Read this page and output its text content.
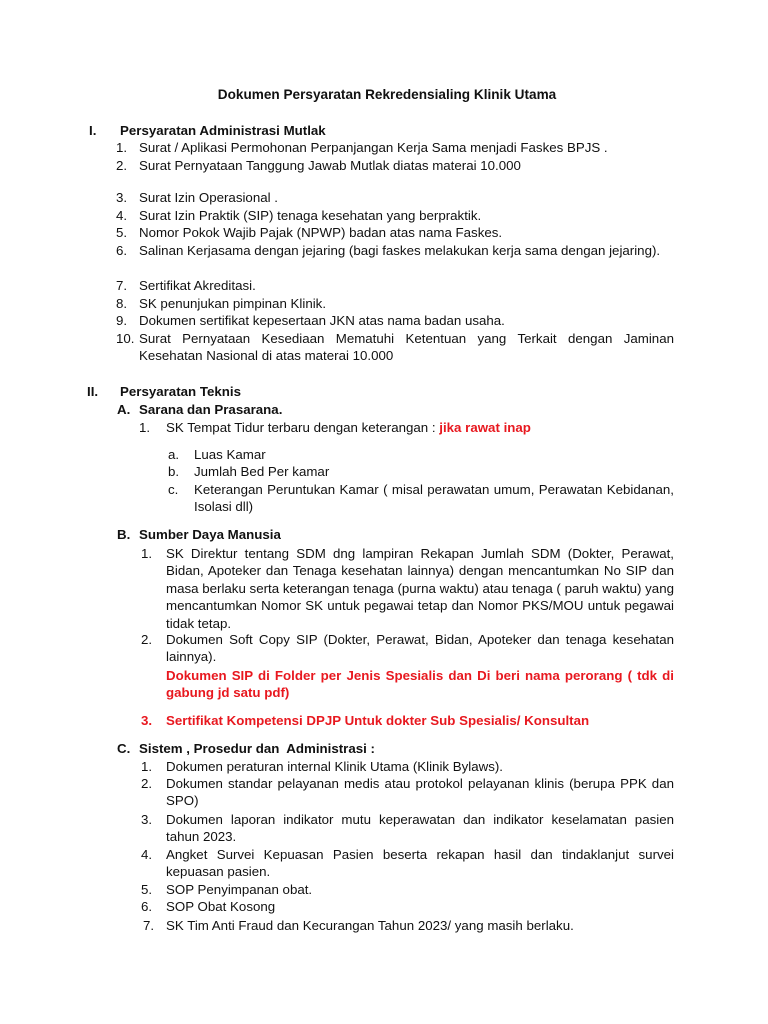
Dokumen Persyaratan Rekredensialing Klinik Utama
I. Persyaratan Administrasi Mutlak
1. Surat / Aplikasi Permohonan Perpanjangan Kerja Sama menjadi Faskes BPJS .
2. Surat Pernyataan Tanggung Jawab Mutlak diatas materai 10.000
3. Surat Izin Operasional .
4. Surat Izin Praktik (SIP) tenaga kesehatan yang berpraktik.
5. Nomor Pokok Wajib Pajak (NPWP) badan atas nama Faskes.
6. Salinan Kerjasama dengan jejaring (bagi faskes melakukan kerja sama dengan jejaring).
7. Sertifikat Akreditasi.
8. SK penunjukan pimpinan Klinik.
9. Dokumen sertifikat kepesertaan JKN atas nama badan usaha.
10. Surat Pernyataan Kesediaan Mematuhi Ketentuan yang Terkait dengan Jaminan Kesehatan Nasional di atas materai 10.000
II. Persyaratan Teknis
A. Sarana dan Prasarana.
1. SK Tempat Tidur terbaru dengan keterangan : jika rawat inap
a. Luas Kamar
b. Jumlah Bed Per kamar
c. Keterangan Peruntukan Kamar ( misal perawatan umum, Perawatan Kebidanan, Isolasi dll)
B. Sumber Daya Manusia
1. SK Direktur tentang SDM dng lampiran Rekapan Jumlah SDM (Dokter, Perawat, Bidan, Apoteker dan Tenaga kesehatan lainnya) dengan mencantumkan No SIP dan masa berlaku serta keterangan tenaga (purna waktu) atau tenaga ( paruh waktu) yang mencantumkan Nomor SK untuk pegawai tetap dan Nomor PKS/MOU untuk pegawai tidak tetap.
2. Dokumen Soft Copy SIP (Dokter, Perawat, Bidan, Apoteker dan tenaga kesehatan lainnya).
Dokumen SIP di Folder per Jenis Spesialis dan Di beri nama perorang ( tdk di gabung jd satu pdf)
3. Sertifikat Kompetensi DPJP Untuk dokter Sub Spesialis/ Konsultan
C. Sistem , Prosedur dan  Administrasi :
1. Dokumen peraturan internal Klinik Utama (Klinik Bylaws).
2. Dokumen standar pelayanan medis atau protokol pelayanan klinis (berupa PPK dan SPO)
3. Dokumen laporan indikator mutu keperawatan dan indikator keselamatan pasien tahun 2023.
4. Angket Survei Kepuasan Pasien beserta rekapan hasil dan tindaklanjut survei kepuasan pasien.
5. SOP Penyimpanan obat.
6. SOP Obat Kosong
7. SK Tim Anti Fraud dan Kecurangan Tahun 2023/ yang masih berlaku.
